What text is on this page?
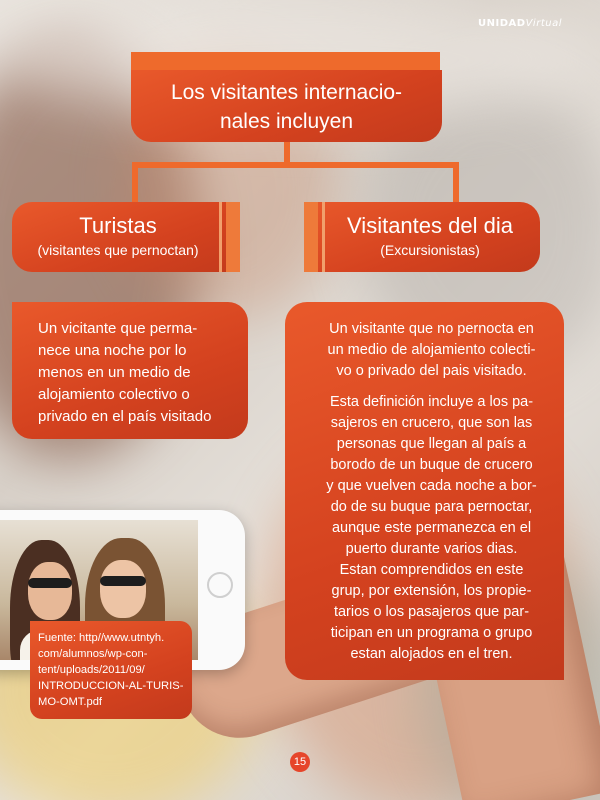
UNIDADVirtual
Los visitantes internacio-
nales incluyen
Turistas
(visitantes que pernoctan)
Visitantes del dia
(Excursionistas)
Un vicitante que perma-
nece una noche por lo
menos en un medio de
alojamiento colectivo o
privado en el país visitado

Un visitante que no pernocta en
un medio de alojamiento colecti-
vo o privado del pais visitado.

Esta definición incluye a los pa-
sajeros en crucero, que son las
personas que llegan al país a
borodo de un buque de crucero
y que vuelven cada noche a bor-
do de su buque para pernoctar,
aunque este permanezca en el
puerto durante varios dias.
Estan comprendidos en este
grup, por extensión, los propie-
tarios o los pasajeros que par-
ticipan en un programa o grupo
estan alojados en el tren.

Fuente: http//www.utntyh.
com/alumnos/wp-con-
tent/uploads/2011/09/
INTRODUCCION-AL-TURIS-
MO-OMT.pdf
15
